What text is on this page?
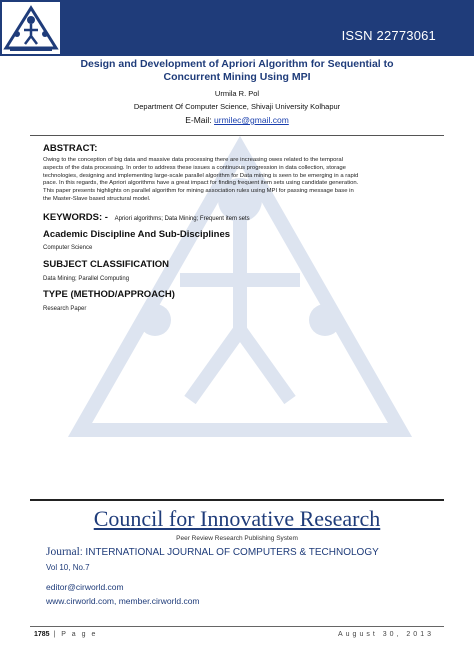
ISSN 22773061
Design and Development of Apriori Algorithm for Sequential to
Concurrent Mining Using MPI
Urmila R. Pol
Department Of Computer Science, Shivaji University Kolhapur
E-Mail: urmilec@gmail.com
ABSTRACT:
Owing to the conception of big data and massive data processing there are increasing owes related to the temporal
aspects of the data processing. In order to address these issues a continuous progression in data collection, storage
technologies, designing and implementing large-scale parallel algorithm for Data mining is seen to be emerging in a rapid
pace. In this regards, the Apriori algorithms have a great impact for finding frequent item sets using candidate generation.
This paper presents highlights on parallel algorithm for mining association rules using MPI for passing message base in
the Master-Slave based structural model.
KEYWORDS: - Apriori algorithms; Data Mining; Frequent item sets
Academic Discipline And Sub-Disciplines
Computer Science
SUBJECT CLASSIFICATION
Data Mining; Parallel Computing
TYPE (METHOD/APPROACH)
Research Paper
Council for Innovative Research
Peer Review Research Publishing System
Journal: INTERNATIONAL JOURNAL OF COMPUTERS & TECHNOLOGY
Vol 10, No.7
editor@cirworld.com
www.cirworld.com, member.cirworld.com
1785 | P a g e	August 30, 2013
